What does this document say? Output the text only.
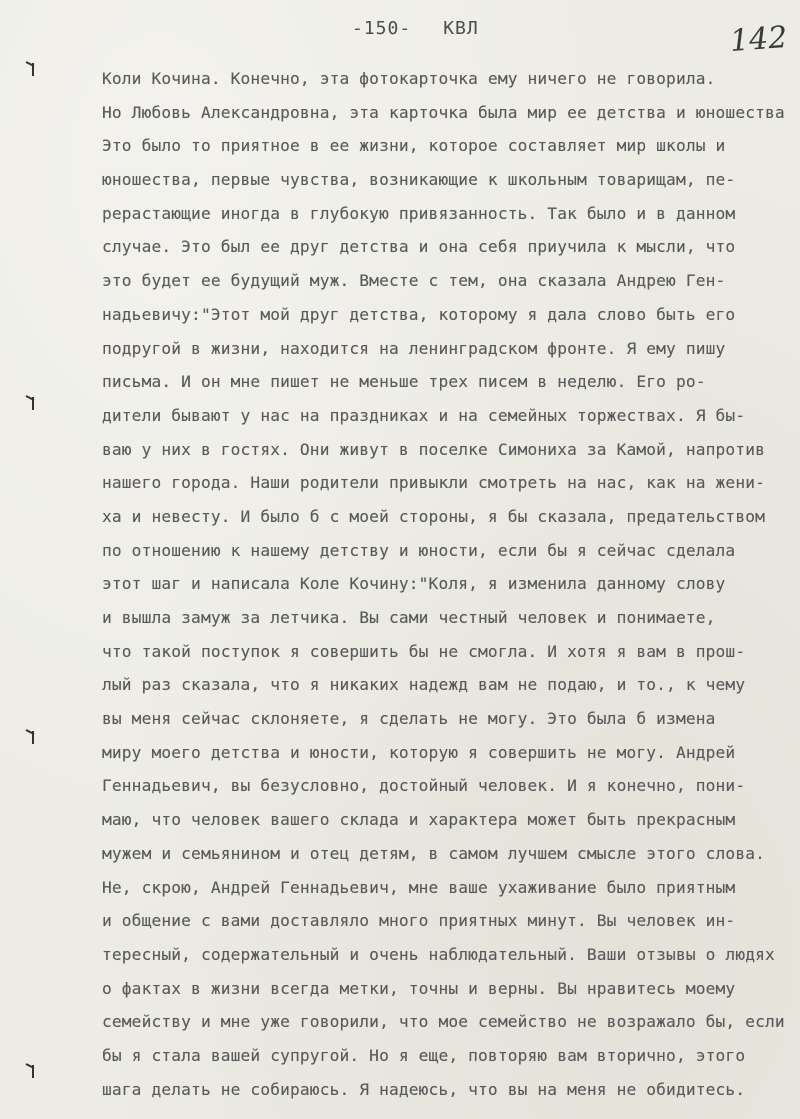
-150- КВЛ	142
Коли Кочина. Конечно, эта фотокарточка ему ничего не говорила.
Но Любовь Александровна, эта карточка была мир ее детства и юношества
Это было то приятное в ее жизни, которое составляет мир школы и
юношества, первые чувства, возникающие к школьным товарищам, пе-
рерастающие иногда в глубокую привязанность. Так было и в данном
случае. Это был ее друг детства и она себя приучила к мысли, что
это будет ее будущий муж. Вместе с тем, она сказала Андрею Ген-
надьевичу:"Этот мой друг детства, которому я дала слово быть его
подругой в жизни, находится на ленинградском фронте. Я ему пишу
письма. И он мне пишет не меньше трех писем в неделю. Его ро-
дители бывают у нас на праздниках и на семейных торжествах. Я бы-
ваю у них в гостях. Они живут в поселке Симониха за Камой, напротив
нашего города. Наши родители привыкли смотреть на нас, как на жени-
ха и невесту. И было б с моей стороны, я бы сказала, предательством
по отношению к нашему детству и юности, если бы я сейчас сделала
этот шаг и написала Коле Кочину:"Коля, я изменила данному слову
и вышла замуж за летчика. Вы сами честный человек и понимаете,
что такой поступок я совершить бы не смогла. И хотя я вам в прош-
лый раз сказала, что я никаких надежд вам не подаю, и то., к чему
вы меня сейчас склоняете, я сделать не могу. Это была б измена
миру моего детства и юности, которую я совершить не могу. Андрей
Геннадьевич, вы безусловно, достойный человек. И я конечно, пони-
маю, что человек вашего склада и характера может быть прекрасным
мужем и семьянином и отец детям, в самом лучшем смысле этого слова.
Не, скрою, Андрей Геннадьевич, мне ваше ухаживание было приятным
и общение с вами доставляло много приятных минут. Вы человек ин-
тересный, содержательный и очень наблюдательный. Ваши отзывы о людях
о фактах в жизни всегда метки, точны и верны. Вы нравитесь моему
семейству и мне уже говорили, что мое семейство не возражало бы, если
бы я стала вашей супругой. Но я еще, повторяю вам вторично, этого
шага делать не собираюсь. Я надеюсь, что вы на меня не обидитесь.
